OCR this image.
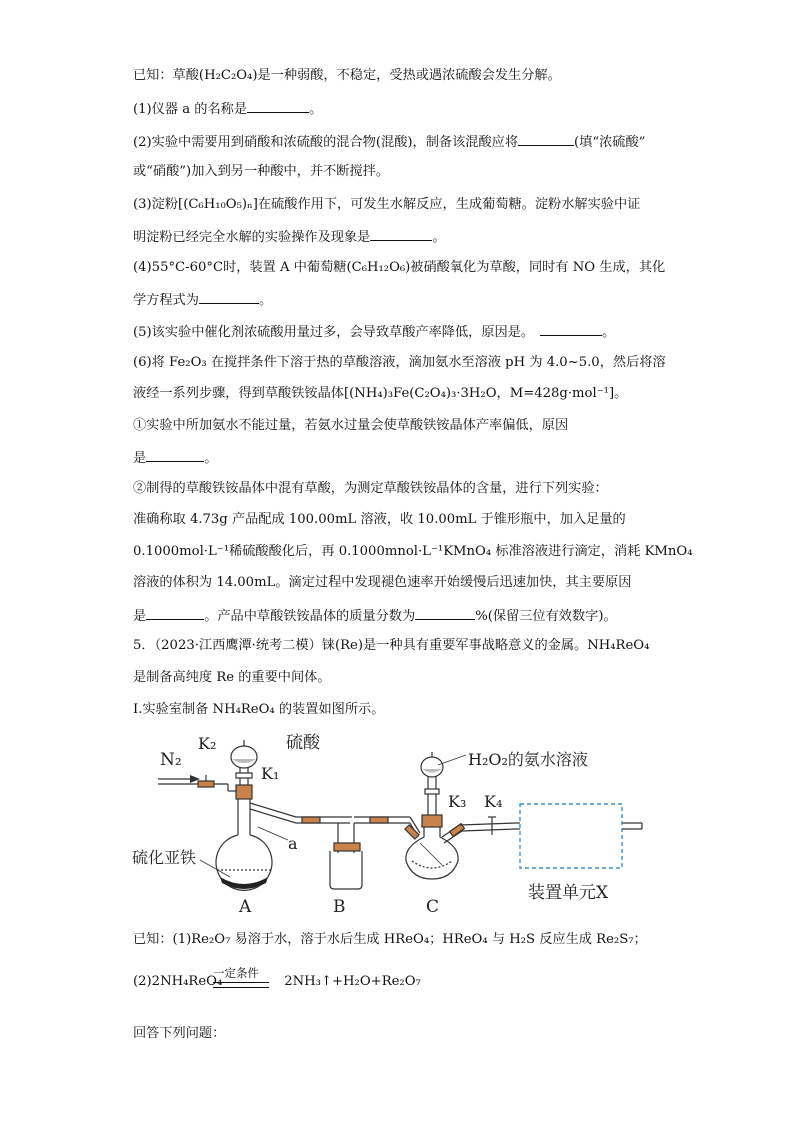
已知：草酸(H₂C₂O₄)是一种弱酸，不稳定，受热或遇浓硫酸会发生分解。
(1)仪器 a 的名称是	。
(2)实验中需要用到硝酸和浓硫酸的混合物(混酸)，制备该混酸应将	(填“浓硫酸”
或“硝酸”)加入到另一种酸中，并不断搅拌。
(3)淀粉[(C₆H₁₀O₅)ₙ]在硫酸作用下，可发生水解反应，生成葡萄糖。淀粉水解实验中证
明淀粉已经完全水解的实验操作及现象是	。
(4)55°C-60°C时，装置 A 中葡萄糖(C₆H₁₂O₆)被硝酸氧化为草酸，同时有 NO 生成，其化
学方程式为	。
(5)该实验中催化剂浓硫酸用量过多，会导致草酸产率降低，原因是。	。
(6)将 Fe₂O₃ 在搅拌条件下溶于热的草酸溶液，滴加氨水至溶液 pH 为 4.0~5.0，然后将溶
液经一系列步骤，得到草酸铁铵晶体[(NH₄)₃Fe(C₂O₄)₃·3H₂O，M=428g·mol⁻¹]。
①实验中所加氨水不能过量，若氨水过量会使草酸铁铵晶体产率偏低，原因
是	。
②制得的草酸铁铵晶体中混有草酸，为测定草酸铁铵晶体的含量，进行下列实验：
准确称取 4.73g 产品配成 100.00mL 溶液，收 10.00mL 于锥形瓶中，加入足量的
0.1000mol·L⁻¹稀硫酸酸化后，再 0.1000mnol·L⁻¹KMnO₄ 标准溶液进行滴定，消耗 KMnO₄
溶液的体积为 14.00mL。滴定过程中发现褪色速率开始缓慢后迅速加快，其主要原因
是	。产品中草酸铁铵晶体的质量分数为	%(保留三位有效数字)。
5．（2023·江西鹰潭·统考二模）铼(Re)是一种具有重要军事战略意义的金属。NH₄ReO₄
是制备高纯度 Re 的重要中间体。
I.实验室制备 NH₄ReO₄ 的装置如图所示。
N₂
K₂	硫酸
K₁
H₂O₂的氨水溶液
K₃ K₄
硫化亚铁
a
A	B	C
装置单元X
已知：(1)Re₂O₇ 易溶于水，溶于水后生成 HReO₄；HReO₄ 与 H₂S 反应生成 Re₂S₇；
(2)2NH₄ReO₄	2NH₃↑+H₂O+Re₂O₇
一定条件
回答下列问题：
